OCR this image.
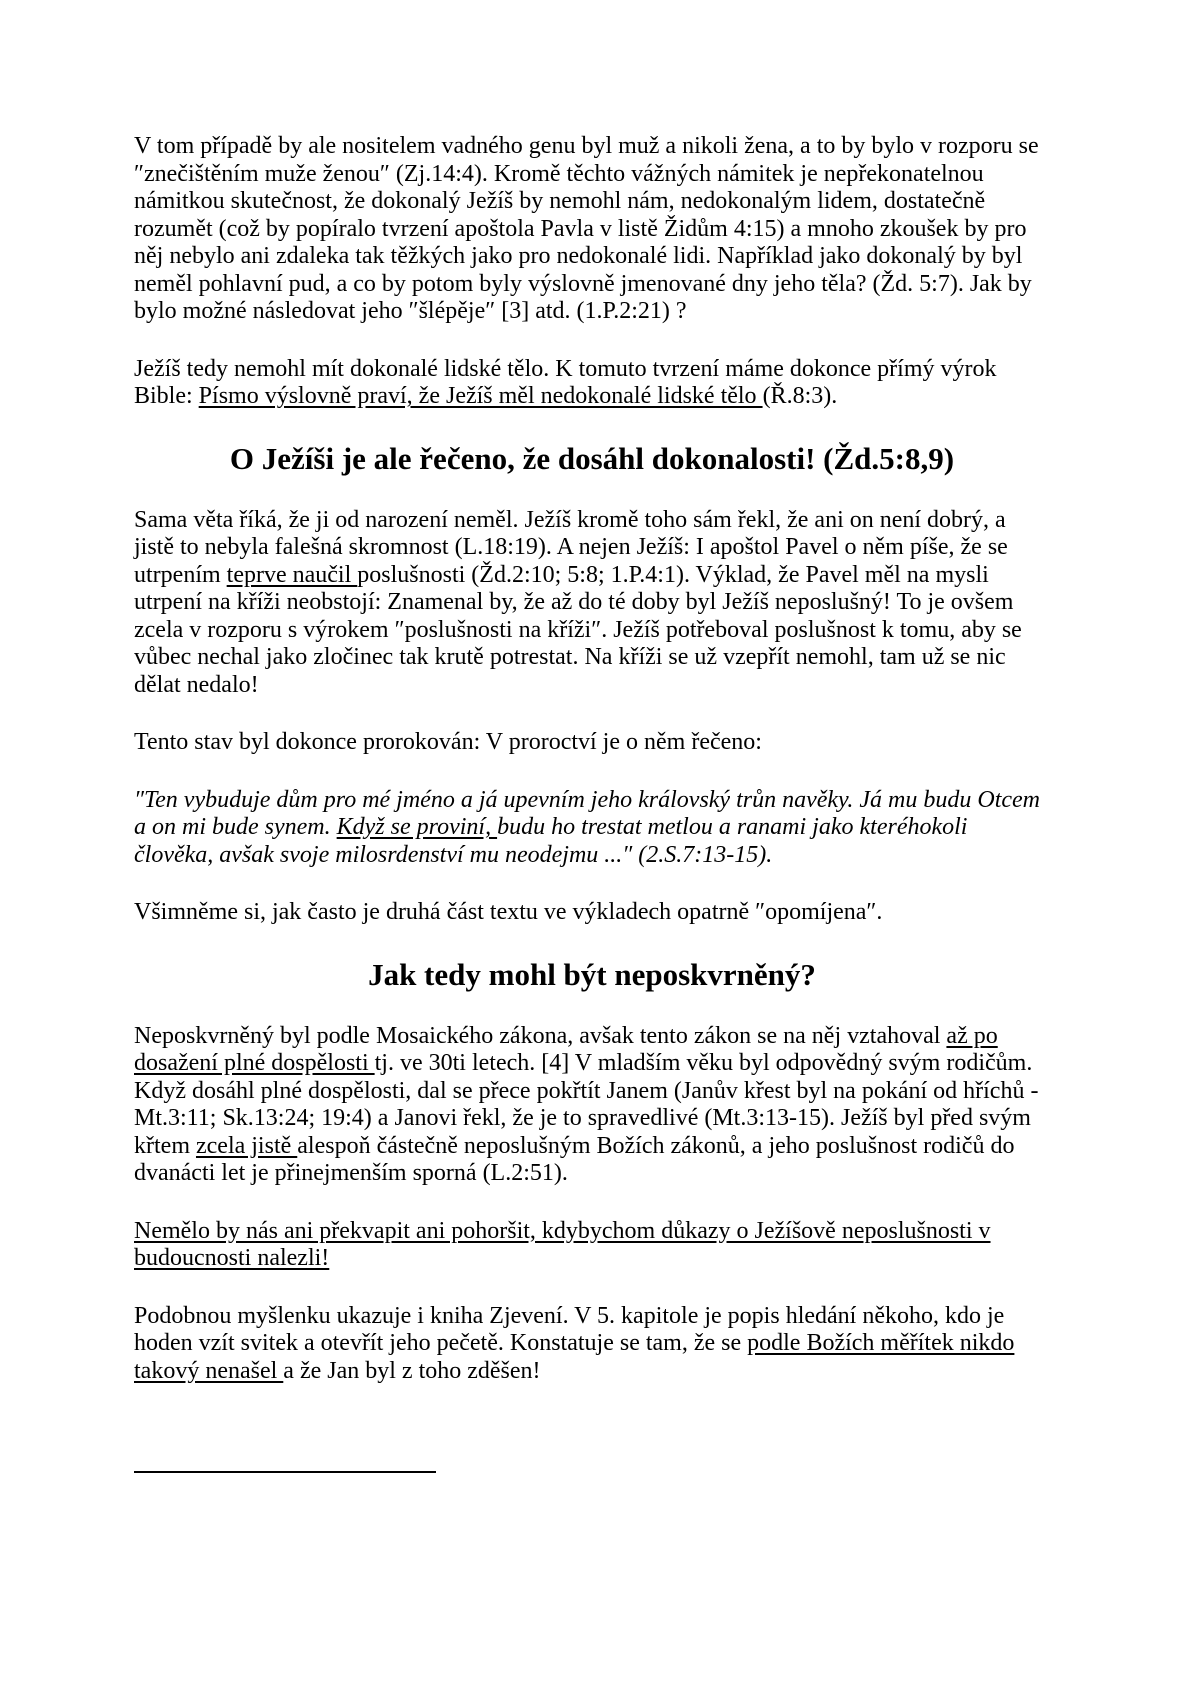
V tom případě by ale nositelem vadného genu byl muž a nikoli žena, a to by bylo v rozporu se ″znečištěním muže ženou″ (Zj.14:4). Kromě těchto vážných námitek je nepřekonatelnou námitkou skutečnost, že dokonalý Ježíš by nemohl nám, nedokonalým lidem, dostatečně rozumět (což by popíralo tvrzení apoštola Pavla v listě Židům 4:15) a mnoho zkoušek by pro něj nebylo ani zdaleka tak těžkých jako pro nedokonalé lidi. Například jako dokonalý by byl neměl pohlavní pud, a co by potom byly výslovně jmenované dny jeho těla? (Žd. 5:7). Jak by bylo možné následovat jeho ″šlépěje″ [3] atd. (1.P.2:21) ?

Ježíš tedy nemohl mít dokonalé lidské tělo. K tomuto tvrzení máme dokonce přímý výrok Bible: Písmo výslovně praví, že Ježíš měl nedokonalé lidské tělo (Ř.8:3).

O Ježíši je ale řečeno, že dosáhl dokonalosti! (Žd.5:8,9)

Sama věta říká, že ji od narození neměl. Ježíš kromě toho sám řekl, že ani on není dobrý, a jistě to nebyla falešná skromnost (L.18:19). A nejen Ježíš: I apoštol Pavel o něm píše, že se utrpením teprve naučil poslušnosti (Žd.2:10; 5:8; 1.P.4:1). Výklad, že Pavel měl na mysli utrpení na kříži neobstojí: Znamenal by, že až do té doby byl Ježíš neposlušný! To je ovšem zcela v rozporu s výrokem ″poslušnosti na kříži″. Ježíš potřeboval poslušnost k tomu, aby se vůbec nechal jako zločinec tak krutě potrestat. Na kříži se už vzepřít nemohl, tam už se nic dělat nedalo!

Tento stav byl dokonce prorokován: V proroctví je o něm řečeno:

″Ten vybuduje dům pro mé jméno a já upevním jeho královský trůn navěky. Já mu budu Otcem a on mi bude synem. Když se proviní, budu ho trestat metlou a ranami jako kteréhokoli člověka, avšak svoje milosrdenství mu neodejmu ...″ (2.S.7:13-15).

Všimněme si, jak často je druhá část textu ve výkladech opatrně ″opomíjena″.

Jak tedy mohl být neposkvrněný?

Neposkvrněný byl podle Mosaického zákona, avšak tento zákon se na něj vztahoval až po dosažení plné dospělosti tj. ve 30ti letech. [4] V mladším věku byl odpovědný svým rodičům. Když dosáhl plné dospělosti, dal se přece pokřtít Janem (Janův křest byl na pokání od hříchů - Mt.3:11; Sk.13:24; 19:4) a Janovi řekl, že je to spravedlivé (Mt.3:13-15). Ježíš byl před svým křtem zcela jistě alespoň částečně neposlušným Božích zákonů, a jeho poslušnost rodičů do dvanácti let je přinejmenším sporná (L.2:51).

Nemělo by nás ani překvapit ani pohoršit, kdybychom důkazy o Ježíšově neposlušnosti v budoucnosti nalezli!

Podobnou myšlenku ukazuje i kniha Zjevení. V 5. kapitole je popis hledání někoho, kdo je hoden vzít svitek a otevřít jeho pečetě. Konstatuje se tam, že se podle Božích měřítek nikdo takový nenašel a že Jan byl z toho zděšen!
